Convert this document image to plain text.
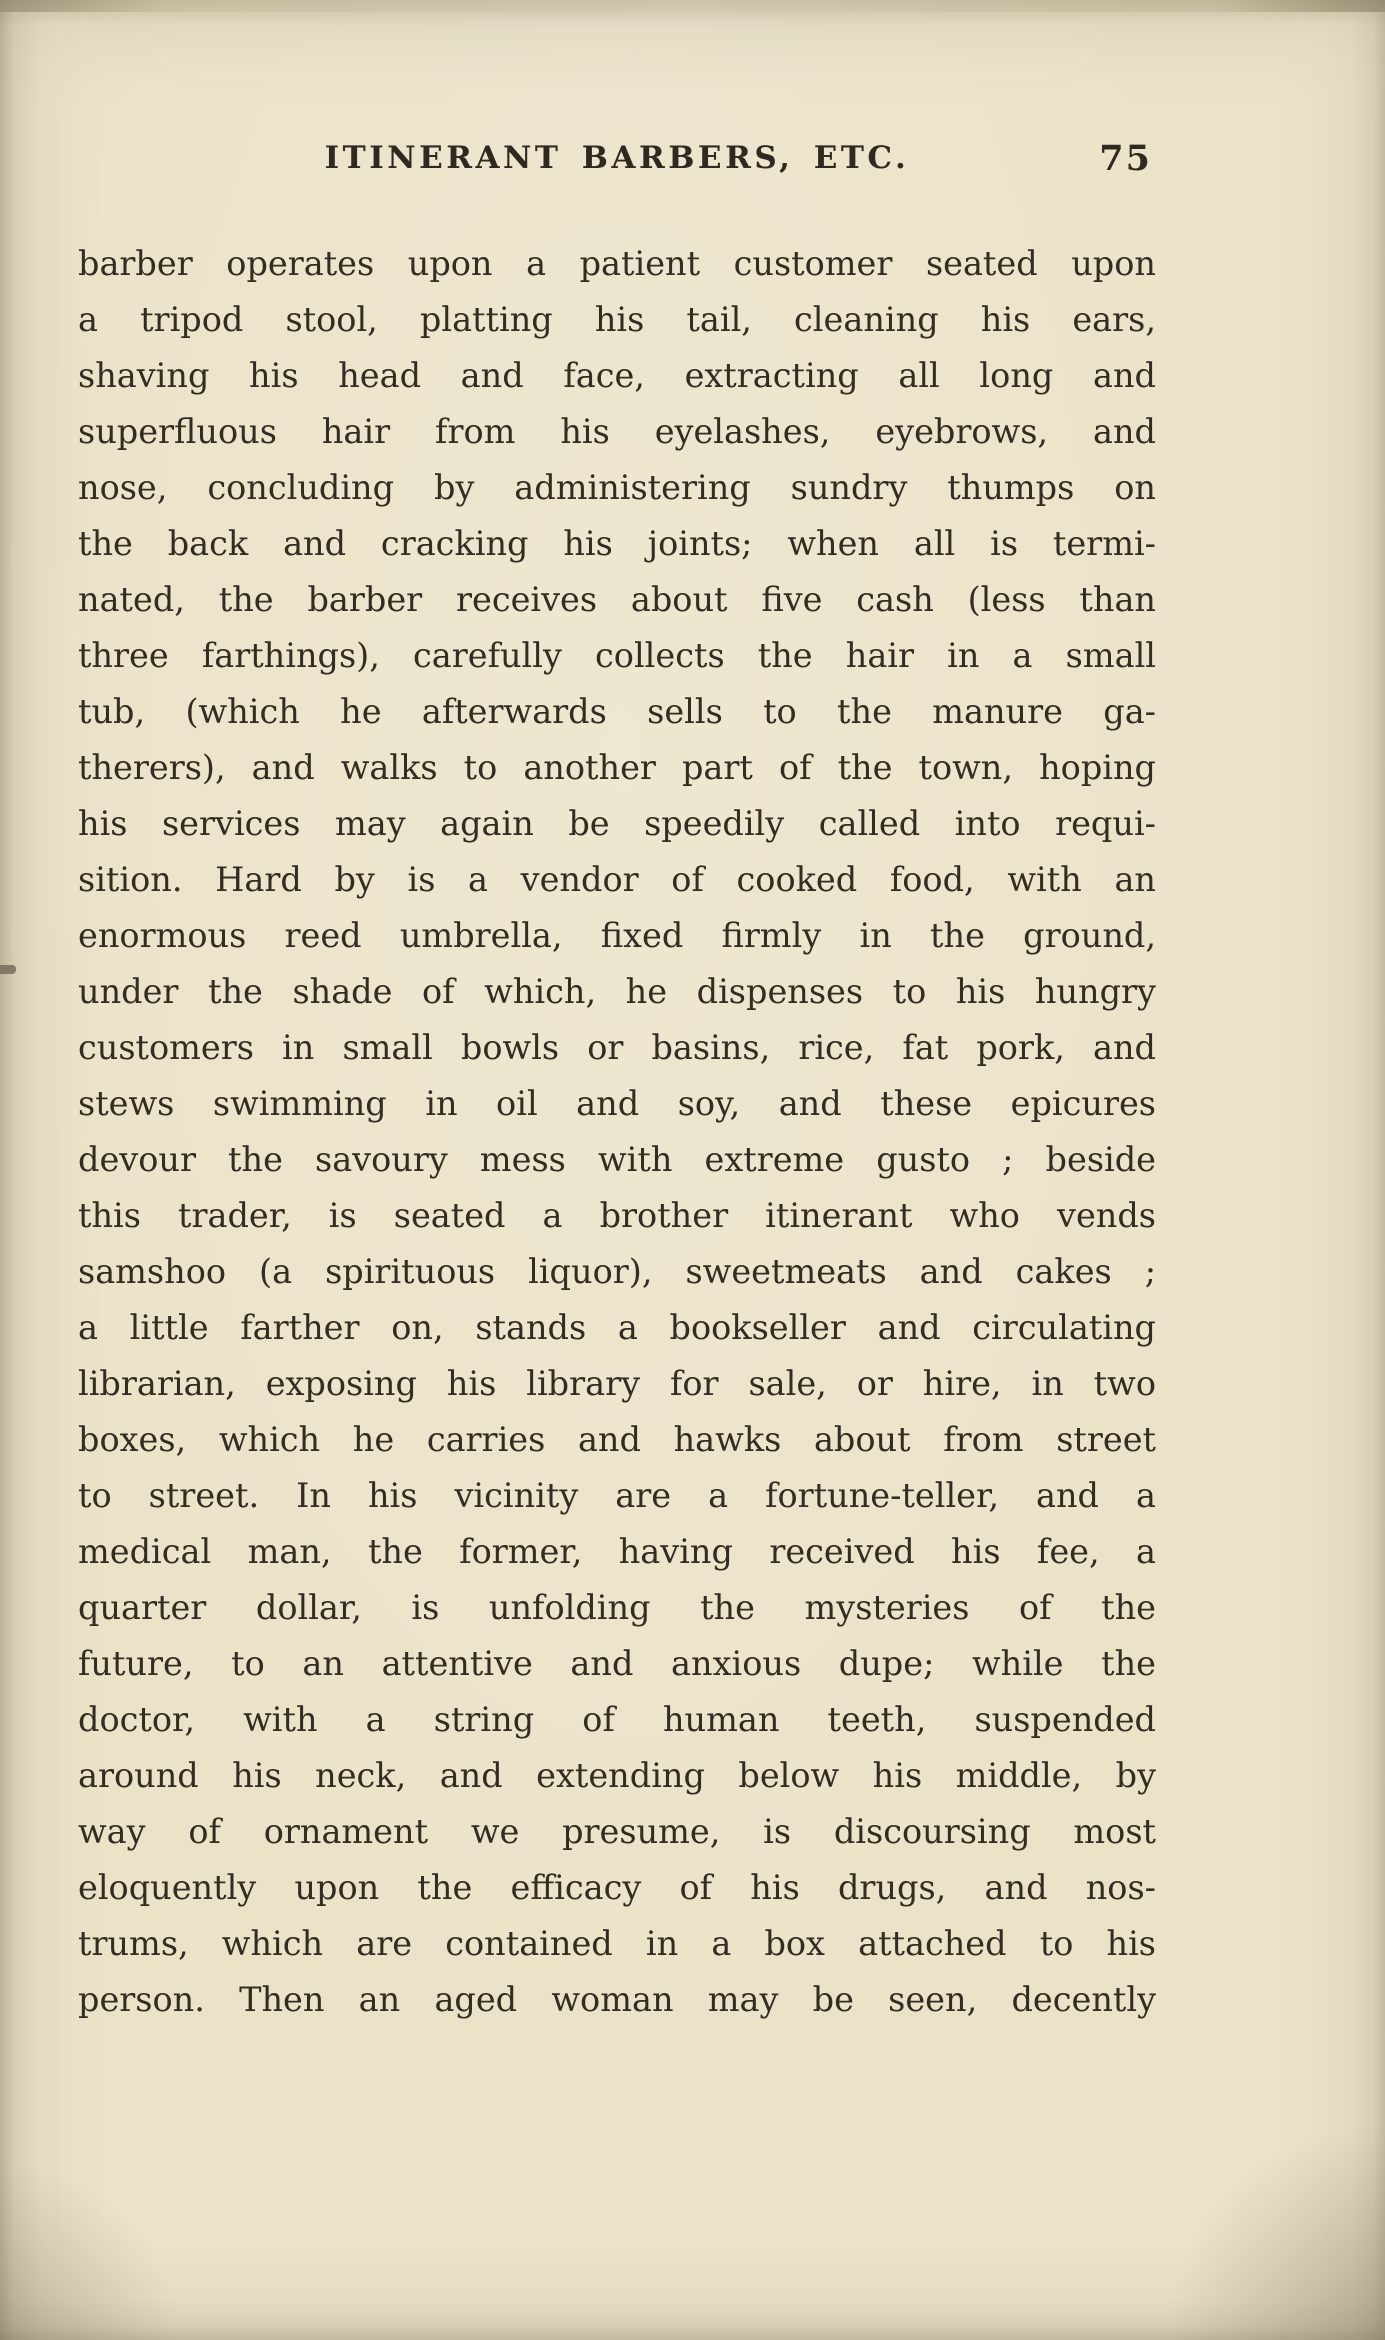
ITINERANT BARBERS, ETC.	75
barber operates upon a patient customer seated upon
a tripod stool, platting his tail, cleaning his ears,
shaving his head and face, extracting all long and
superfluous hair from his eyelashes, eyebrows, and
nose, concluding by administering sundry thumps on
the back and cracking his joints; when all is termi-
nated, the barber receives about five cash (less than
three farthings), carefully collects the hair in a small
tub, (which he afterwards sells to the manure ga-
therers), and walks to another part of the town, hoping
his services may again be speedily called into requi-
sition. Hard by is a vendor of cooked food, with an
enormous reed umbrella, fixed firmly in the ground,
under the shade of which, he dispenses to his hungry
customers in small bowls or basins, rice, fat pork, and
stews swimming in oil and soy, and these epicures
devour the savoury mess with extreme gusto ; beside
this trader, is seated a brother itinerant who vends
samshoo (a spirituous liquor), sweetmeats and cakes ;
a little farther on, stands a bookseller and circulating
librarian, exposing his library for sale, or hire, in two
boxes, which he carries and hawks about from street
to street. In his vicinity are a fortune-teller, and a
medical man, the former, having received his fee, a
quarter dollar, is unfolding the mysteries of the
future, to an attentive and anxious dupe; while the
doctor, with a string of human teeth, suspended
around his neck, and extending below his middle, by
way of ornament we presume, is discoursing most
eloquently upon the efficacy of his drugs, and nos-
trums, which are contained in a box attached to his
person. Then an aged woman may be seen, decently
